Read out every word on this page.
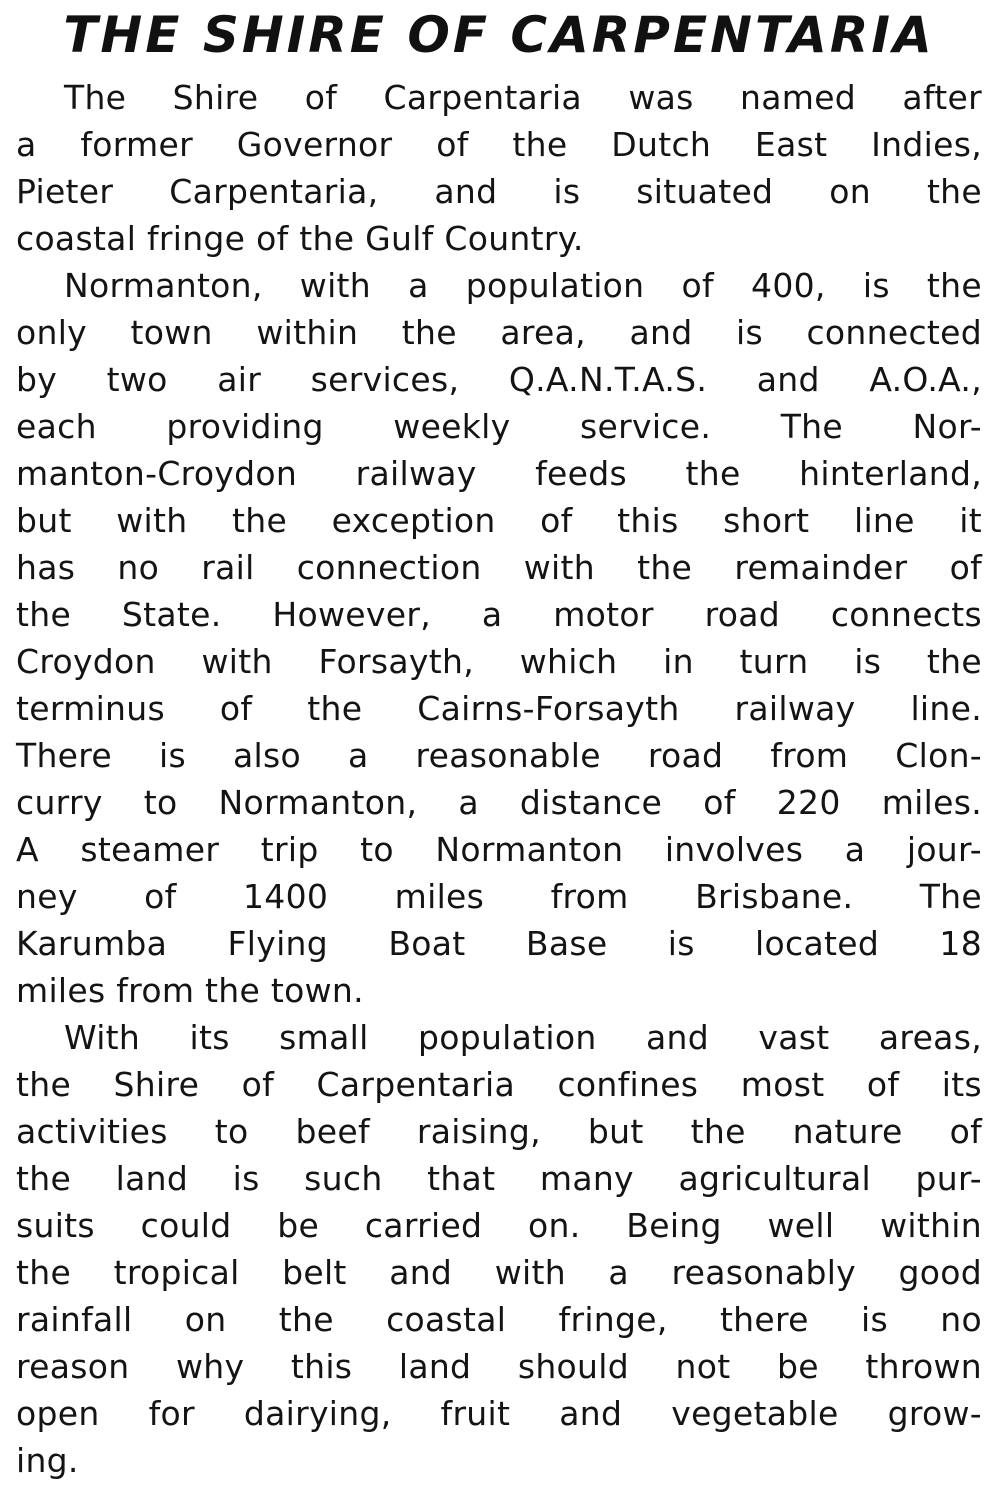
THE SHIRE OF CARPENTARIA

The Shire of Carpentaria was named after
a former Governor of the Dutch East Indies,
Pieter Carpentaria, and is situated on the
coastal fringe of the Gulf Country.

Normanton, with a population of 400, is the
only town within the area, and is connected
by two air services, Q.A.N.T.A.S. and A.O.A.,
each providing weekly service. The Nor-
manton-Croydon railway feeds the hinterland,
but with the exception of this short line it
has no rail connection with the remainder of
the State. However, a motor road connects
Croydon with Forsayth, which in turn is the
terminus of the Cairns-Forsayth railway line.
There is also a reasonable road from Clon-
curry to Normanton, a distance of 220 miles.
A steamer trip to Normanton involves a jour-
ney of 1400 miles from Brisbane. The
Karumba Flying Boat Base is located 18
miles from the town.

With its small population and vast areas,
the Shire of Carpentaria confines most of its
activities to beef raising, but the nature of
the land is such that many agricultural pur-
suits could be carried on. Being well within
the tropical belt and with a reasonably good
rainfall on the coastal fringe, there is no
reason why this land should not be thrown
open for dairying, fruit and vegetable grow-
ing.
